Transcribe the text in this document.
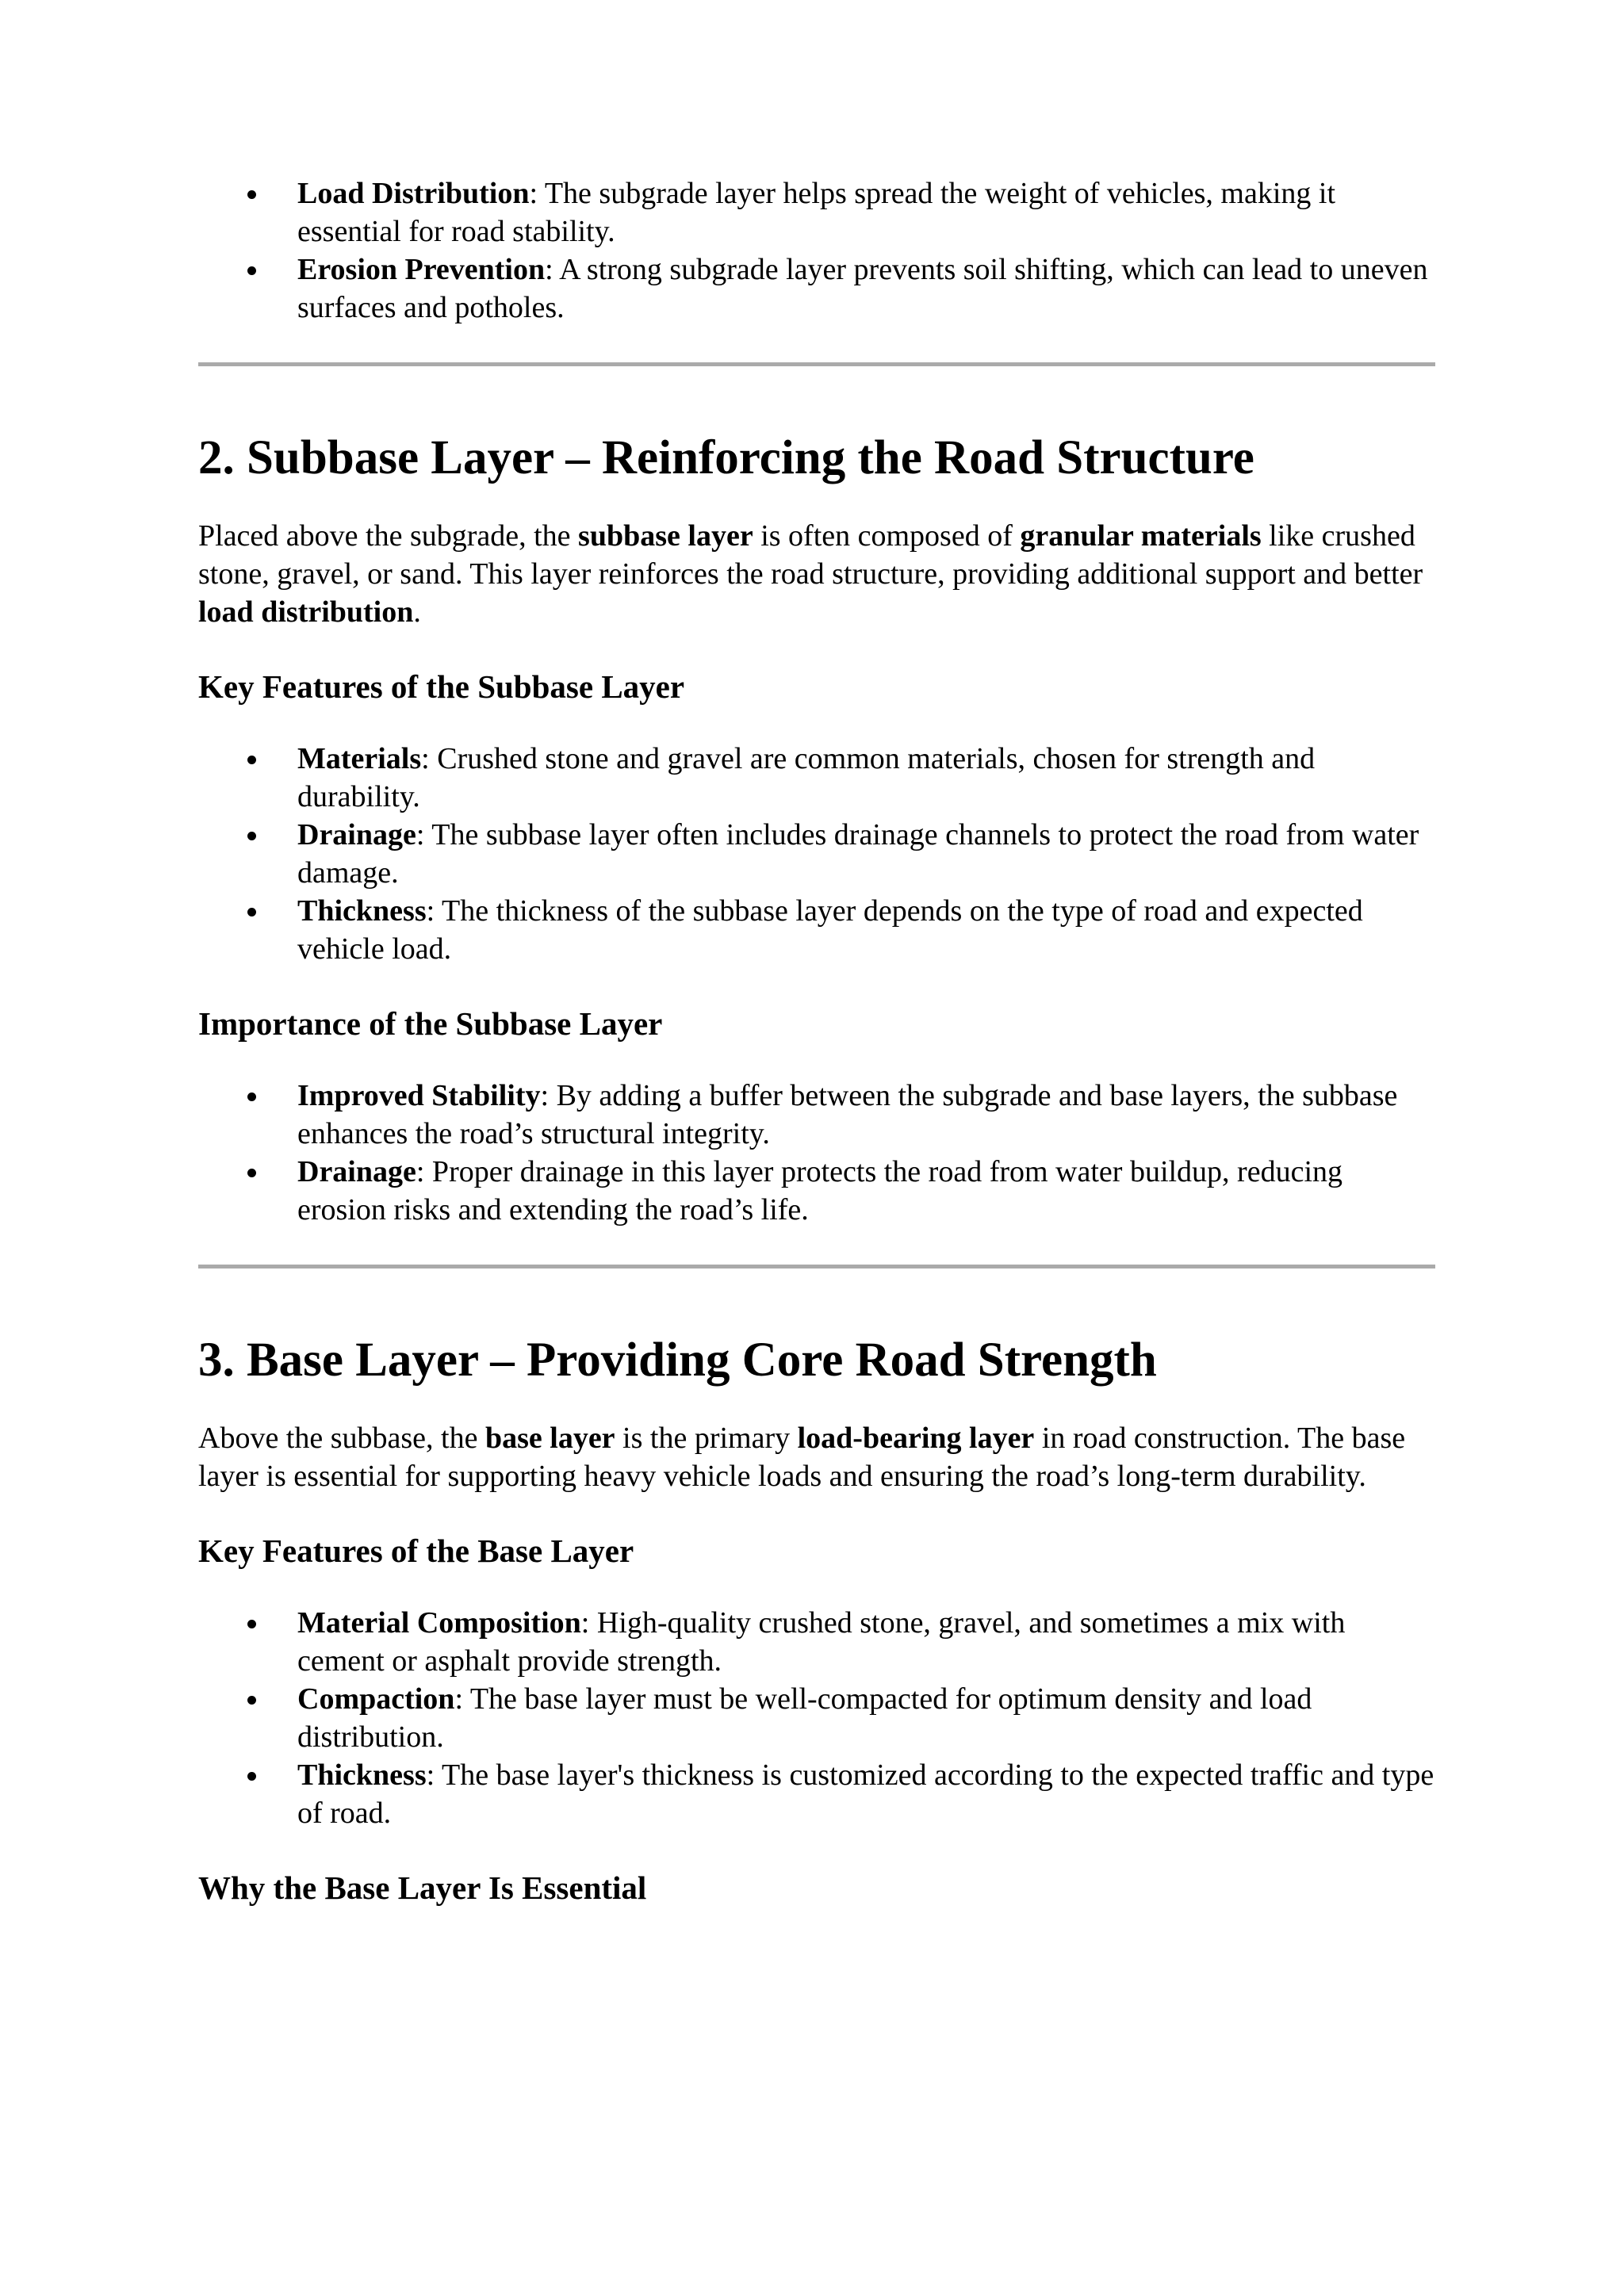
Load Distribution: The subgrade layer helps spread the weight of vehicles, making it essential for road stability.
Erosion Prevention: A strong subgrade layer prevents soil shifting, which can lead to uneven surfaces and potholes.
2. Subbase Layer – Reinforcing the Road Structure

Placed above the subgrade, the subbase layer is often composed of granular materials like crushed stone, gravel, or sand. This layer reinforces the road structure, providing additional support and better load distribution.

Key Features of the Subbase Layer
Materials: Crushed stone and gravel are common materials, chosen for strength and durability.
Drainage: The subbase layer often includes drainage channels to protect the road from water damage.
Thickness: The thickness of the subbase layer depends on the type of road and expected vehicle load.
Importance of the Subbase Layer
Improved Stability: By adding a buffer between the subgrade and base layers, the subbase enhances the road’s structural integrity.
Drainage: Proper drainage in this layer protects the road from water buildup, reducing erosion risks and extending the road’s life.
3. Base Layer – Providing Core Road Strength

Above the subbase, the base layer is the primary load-bearing layer in road construction. The base layer is essential for supporting heavy vehicle loads and ensuring the road’s long-term durability.

Key Features of the Base Layer
Material Composition: High-quality crushed stone, gravel, and sometimes a mix with cement or asphalt provide strength.
Compaction: The base layer must be well-compacted for optimum density and load distribution.
Thickness: The base layer's thickness is customized according to the expected traffic and type of road.
Why the Base Layer Is Essential
